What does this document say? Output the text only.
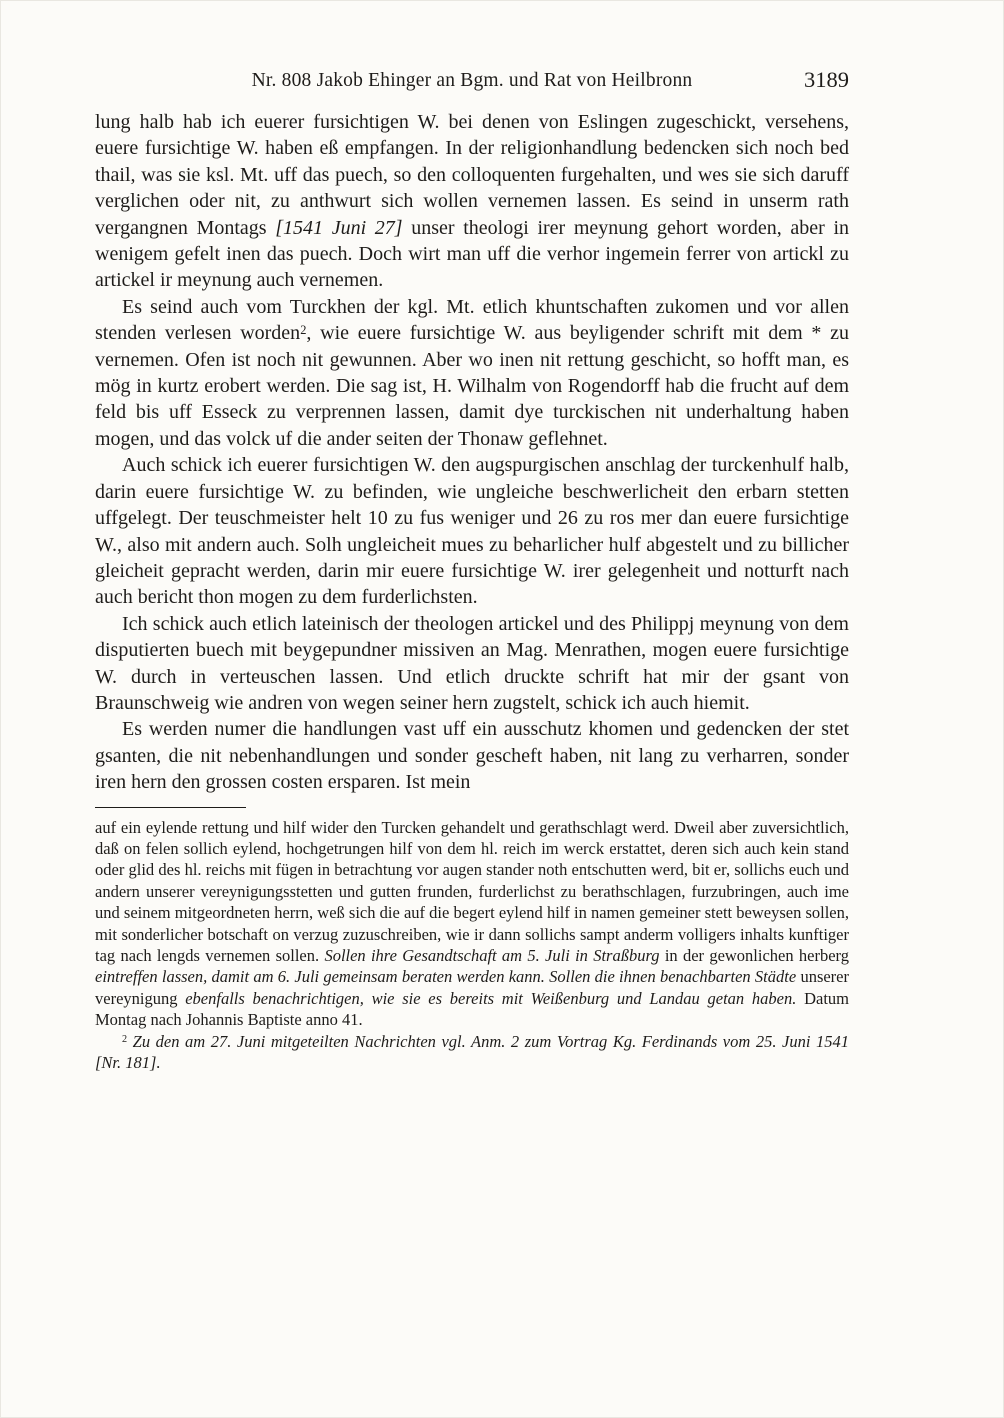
Nr. 808 Jakob Ehinger an Bgm. und Rat von Heilbronn	3189

lung halb hab ich euerer fursichtigen W. bei denen von Eslingen zugeschickt, versehens, euere fursichtige W. haben eß empfangen. In der religionhandlung bedencken sich noch bed thail, was sie ksl. Mt. uff das puech, so den colloquenten furgehalten, und wes sie sich daruff verglichen oder nit, zu anthwurt sich wollen vernemen lassen. Es seind in unserm rath vergangnen Montags [1541 Juni 27] unser theologi irer meynung gehort worden, aber in wenigem gefelt inen das puech. Doch wirt man uff die verhor ingemein ferrer von artickl zu artickel ir meynung auch vernemen.

Es seind auch vom Turckhen der kgl. Mt. etlich khuntschaften zukomen und vor allen stenden verlesen worden$^2$, wie euere fursichtige W. aus beyligender schrift mit dem * zu vernemen. Ofen ist noch nit gewunnen. Aber wo inen nit rettung geschicht, so hofft man, es mög in kurtz erobert werden. Die sag ist, H. Wilhalm von Rogendorff hab die frucht auf dem feld bis uff Esseck zu verprennen lassen, damit dye turckischen nit underhaltung haben mogen, und das volck uf die ander seiten der Thonaw geflehnet.

Auch schick ich euerer fursichtigen W. den augspurgischen anschlag der turckenhulf halb, darin euere fursichtige W. zu befinden, wie ungleiche beschwerlicheit den erbarn stetten uffgelegt. Der teuschmeister helt 10 zu fus weniger und 26 zu ros mer dan euere fursichtige W., also mit andern auch. Solh ungleicheit mues zu beharlicher hulf abgestelt und zu billicher gleicheit gepracht werden, darin mir euere fursichtige W. irer gelegenheit und notturft nach auch bericht thon mogen zu dem furderlichsten.

Ich schick auch etlich lateinisch der theologen artickel und des Philippj meynung von dem disputierten buech mit beygepundner missiven an Mag. Menrathen, mogen euere fursichtige W. durch in verteuschen lassen. Und etlich druckte schrift hat mir der gsant von Braunschweig wie andren von wegen seiner hern zugstelt, schick ich auch hiemit.

Es werden numer die handlungen vast uff ein ausschutz khomen und gedencken der stet gsanten, die nit nebenhandlungen und sonder gescheft haben, nit lang zu verharren, sonder iren hern den grossen costen ersparen. Ist mein

auf ein eylende rettung und hilf wider den Turcken gehandelt und gerathschlagt werd. Dweil aber zuversichtlich, daß on felen sollich eylend, hochgetrungen hilf von dem hl. reich im werck erstattet, deren sich auch kein stand oder glid des hl. reichs mit fügen in betrachtung vor augen stander noth entschutten werd, bit er, sollichs euch und andern unserer vereynigungsstetten und gutten frunden, furderlichst zu berathschlagen, furzubringen, auch ime und seinem mitgeordneten herrn, weß sich die auf die begert eylend hilf in namen gemeiner stett beweysen sollen, mit sonderlicher botschaft on verzug zuzuschreiben, wie ir dann sollichs sampt anderm volligers inhalts kunftiger tag nach lengds vernemen sollen. Sollen ihre Gesandtschaft am 5. Juli in Straßburg in der gewonlichen herberg eintreffen lassen, damit am 6. Juli gemeinsam beraten werden kann. Sollen die ihnen benachbarten Städte unserer vereynigung ebenfalls benachrichtigen, wie sie es bereits mit Weißenburg und Landau getan haben. Datum Montag nach Johannis Baptiste anno 41.

$^2$ Zu den am 27. Juni mitgeteilten Nachrichten vgl. Anm. 2 zum Vortrag Kg. Ferdinands vom 25. Juni 1541 [Nr. 181].
